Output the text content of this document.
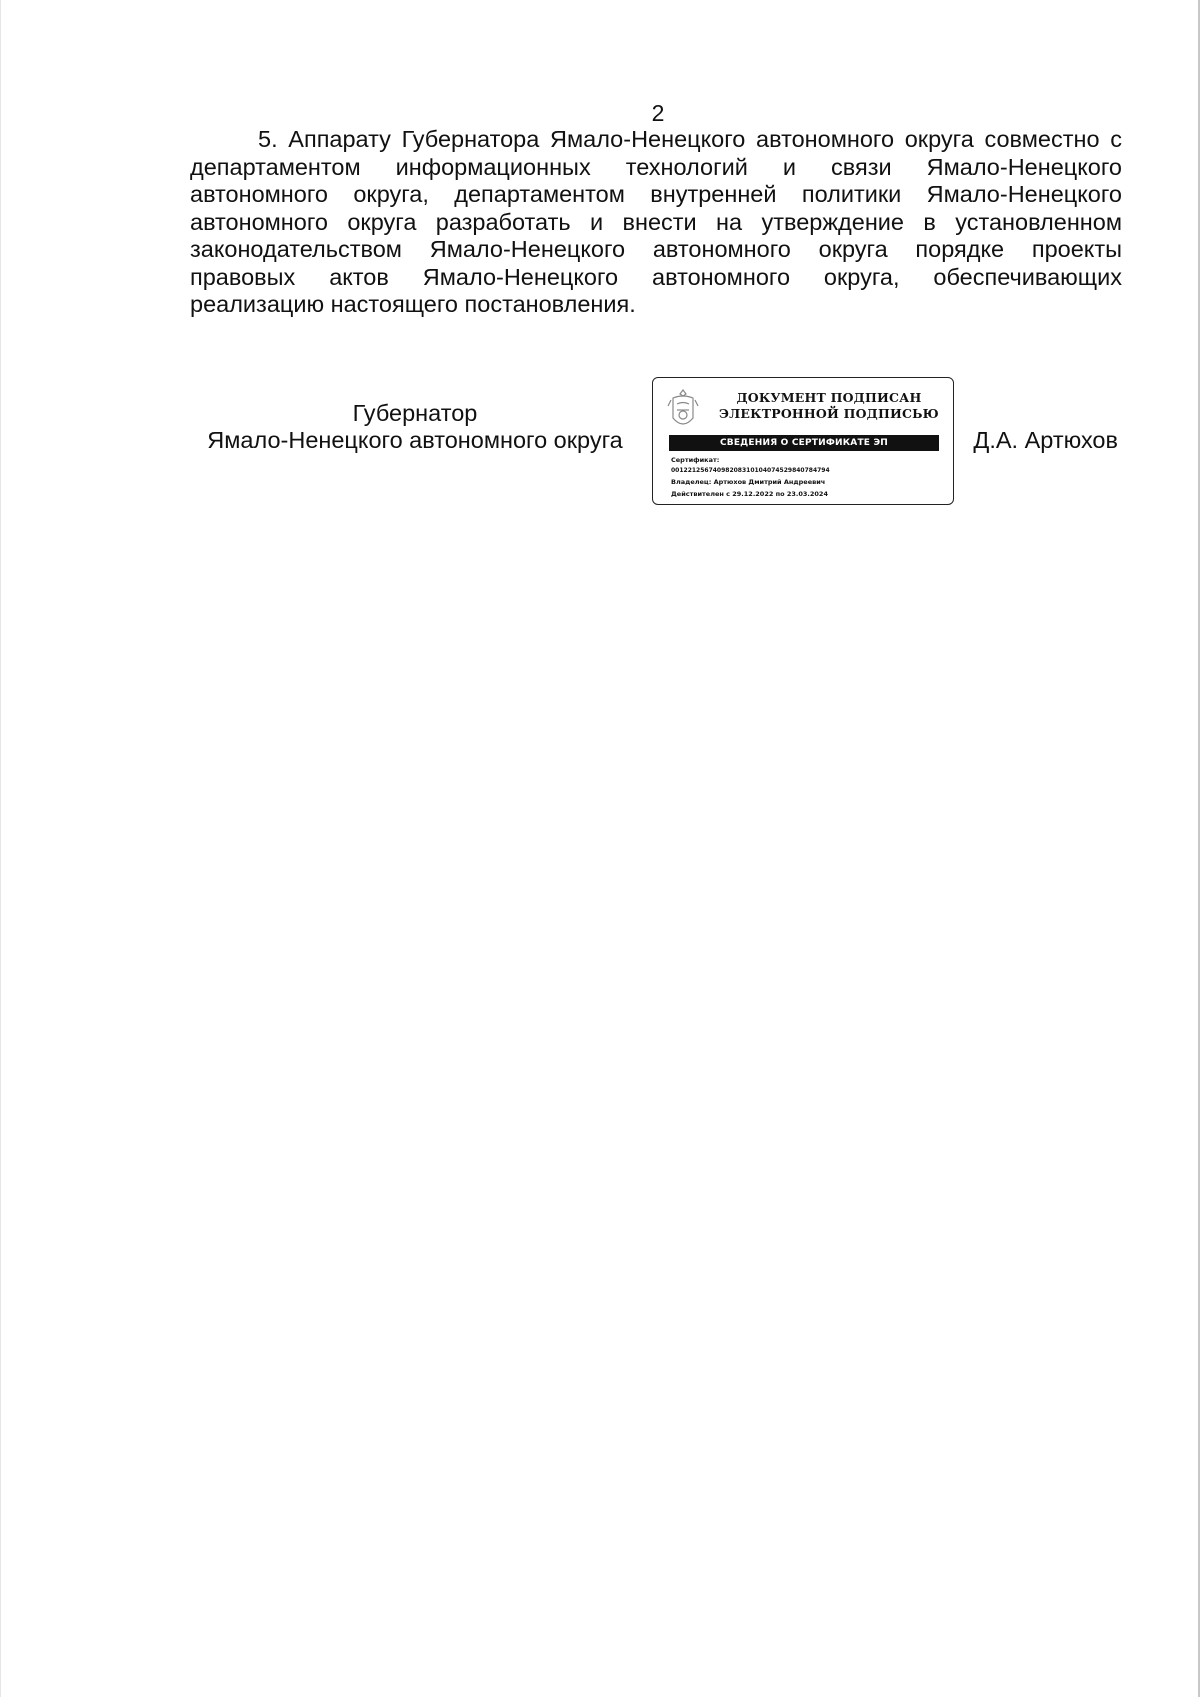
2

5. Аппарату Губернатора Ямало-Ненецкого автономного округа совместно с департаментом информационных технологий и связи Ямало-Ненецкого автономного округа, департаментом внутренней политики Ямало-Ненецкого автономного округа разработать и внести на утверждение в установленном законодательством Ямало-Ненецкого автономного округа порядке проекты правовых актов Ямало-Ненецкого автономного округа, обеспечивающих реализацию настоящего постановления.

Губернатор
Ямало-Ненецкого автономного округа
ДОКУМЕНТ ПОДПИСАН
ЭЛЕКТРОННОЙ ПОДПИСЬЮ
СВЕДЕНИЯ О СЕРТИФИКАТЕ ЭП
Сертификат:
0012212567409820831010407452984078479​4
Владелец: Артюхов Дмитрий Андреевич
Действителен с 29.12.2022 по 23.03.2024
Д.А. Артюхов
